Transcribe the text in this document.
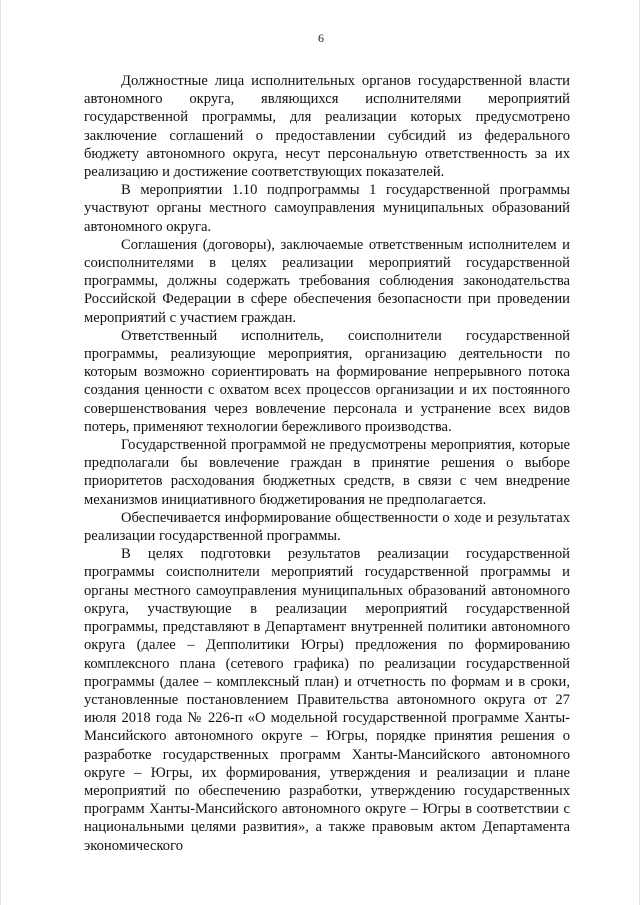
6

Должностные лица исполнительных органов государственной власти автономного округа, являющихся исполнителями мероприятий государственной программы, для реализации которых предусмотрено заключение соглашений о предоставлении субсидий из федерального бюджету автономного округа, несут персональную ответственность за их реализацию и достижение соответствующих показателей.

В мероприятии 1.10 подпрограммы 1 государственной программы участвуют органы местного самоуправления муниципальных образований автономного округа.

Соглашения (договоры), заключаемые ответственным исполнителем и соисполнителями в целях реализации мероприятий государственной программы, должны содержать требования соблюдения законодательства Российской Федерации в сфере обеспечения безопасности при проведении мероприятий с участием граждан.

Ответственный исполнитель, соисполнители государственной программы, реализующие мероприятия, организацию деятельности по которым возможно сориентировать на формирование непрерывного потока создания ценности с охватом всех процессов организации и их постоянного совершенствования через вовлечение персонала и устранение всех видов потерь, применяют технологии бережливого производства.

Государственной программой не предусмотрены мероприятия, которые предполагали бы вовлечение граждан в принятие решения о выборе приоритетов расходования бюджетных средств, в связи с чем внедрение механизмов инициативного бюджетирования не предполагается.

Обеспечивается информирование общественности о ходе и результатах реализации государственной программы.

В целях подготовки результатов реализации государственной программы соисполнители мероприятий государственной программы и органы местного самоуправления муниципальных образований автономного округа, участвующие в реализации мероприятий государственной программы, представляют в Департамент внутренней политики автономного округа (далее – Депполитики Югры) предложения по формированию комплексного плана (сетевого графика) по реализации государственной программы (далее – комплексный план) и отчетность по формам и в сроки, установленные постановлением Правительства автономного округа от 27 июля 2018 года № 226-п «О модельной государственной программе Ханты-Мансийского автономного округе – Югры, порядке принятия решения о разработке государственных программ Ханты-Мансийского автономного округе – Югры, их формирования, утверждения и реализации и плане мероприятий по обеспечению разработки, утверждению государственных программ Ханты-Мансийского автономного округе – Югры в соответствии с национальными целями развития», а также правовым актом Департамента экономического
